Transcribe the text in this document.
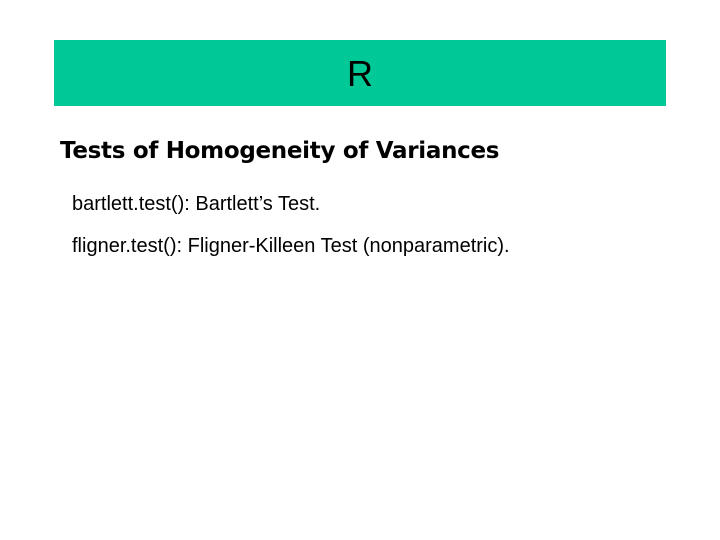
R
Tests of Homogeneity of Variances
bartlett.test(): Bartlett’s Test.
fligner.test(): Fligner-Killeen Test (nonparametric).
